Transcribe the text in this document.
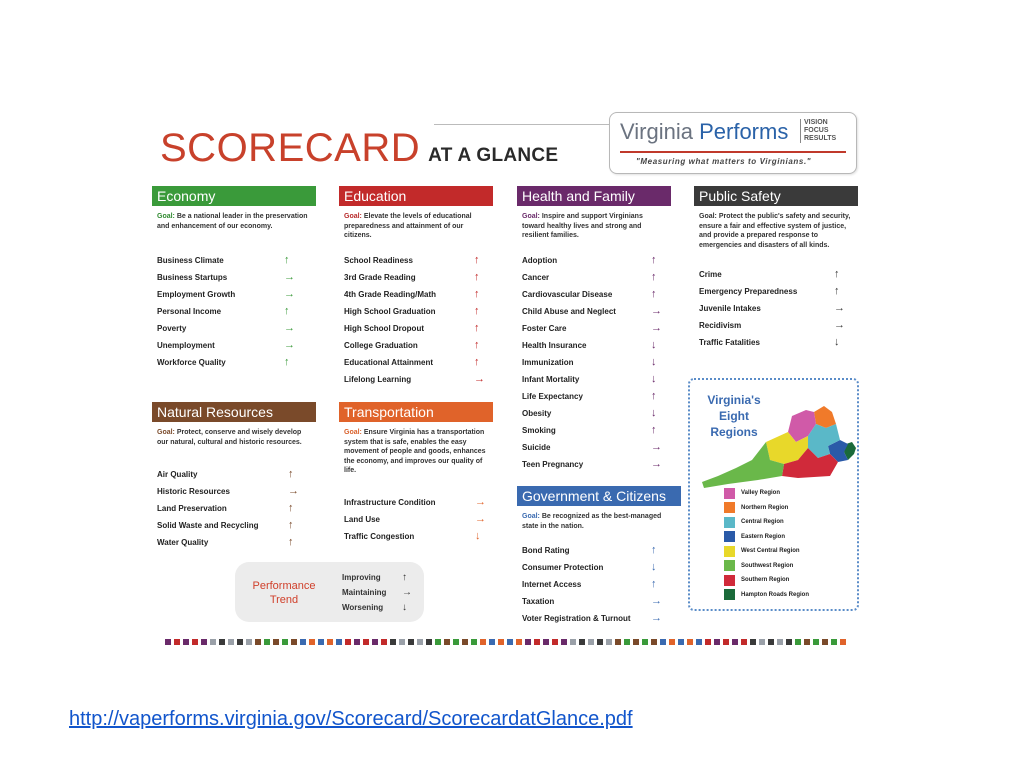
SCORECARD AT A GLANCE
Virginia Performs VISION
FOCUS
RESULTS
"Measuring what matters to Virginians."
Economy
Goal: Be a national leader in the preservation and enhancement of our economy.
Business Climate	↑
Business Startups	→
Employment Growth	→
Personal Income	↑
Poverty	→
Unemployment	→
Workforce Quality	↑
Education
Goal: Elevate the levels of educational preparedness and attainment of our citizens.
School Readiness	↑
3rd Grade Reading	↑
4th Grade Reading/Math	↑
High School Graduation	↑
High School Dropout	↑
College Graduation	↑
Educational Attainment	↑
Lifelong Learning	→
Health and Family
Goal: Inspire and support Virginians toward healthy lives and strong and resilient families.
Adoption	↑
Cancer	↑
Cardiovascular Disease	↑
Child Abuse and Neglect	→
Foster Care	→
Health Insurance	↓
Immunization	↓
Infant Mortality	↓
Life Expectancy	↑
Obesity	↓
Smoking	↑
Suicide	→
Teen Pregnancy	→
Public Safety
Goal: Protect the public's safety and security, ensure a fair and effective system of justice, and provide a prepared response to emergencies and disasters of all kinds.
Crime	↑
Emergency Preparedness	↑
Juvenile Intakes	→
Recidivism	→
Traffic Fatalities	↓
Natural Resources
Goal: Protect, conserve and wisely develop our natural, cultural and historic resources.
Air Quality	↑
Historic Resources	→
Land Preservation	↑
Solid Waste and Recycling	↑
Water Quality	↑
Transportation
Goal: Ensure Virginia has a transportation system that is safe, enables the easy movement of people and goods, enhances the economy, and improves our quality of life.
Infrastructure Condition	→
Land Use	→
Traffic Congestion	↓
Government & Citizens
Goal: Be recognized as the best-managed state in the nation.
Bond Rating	↑
Consumer Protection	↓
Internet Access	↑
Taxation	→
Voter Registration & Turnout →
Virginia's
Eight
Regions
Valley Region
Northern Region
Central Region
Eastern Region
West Central Region
Southwest Region
Southern Region
Hampton Roads Region
Performance
Trend
Improving ↑
Maintaining →
Worsening ↓
http://vaperforms.virginia.gov/Scorecard/ScorecardatGlance.pdf
